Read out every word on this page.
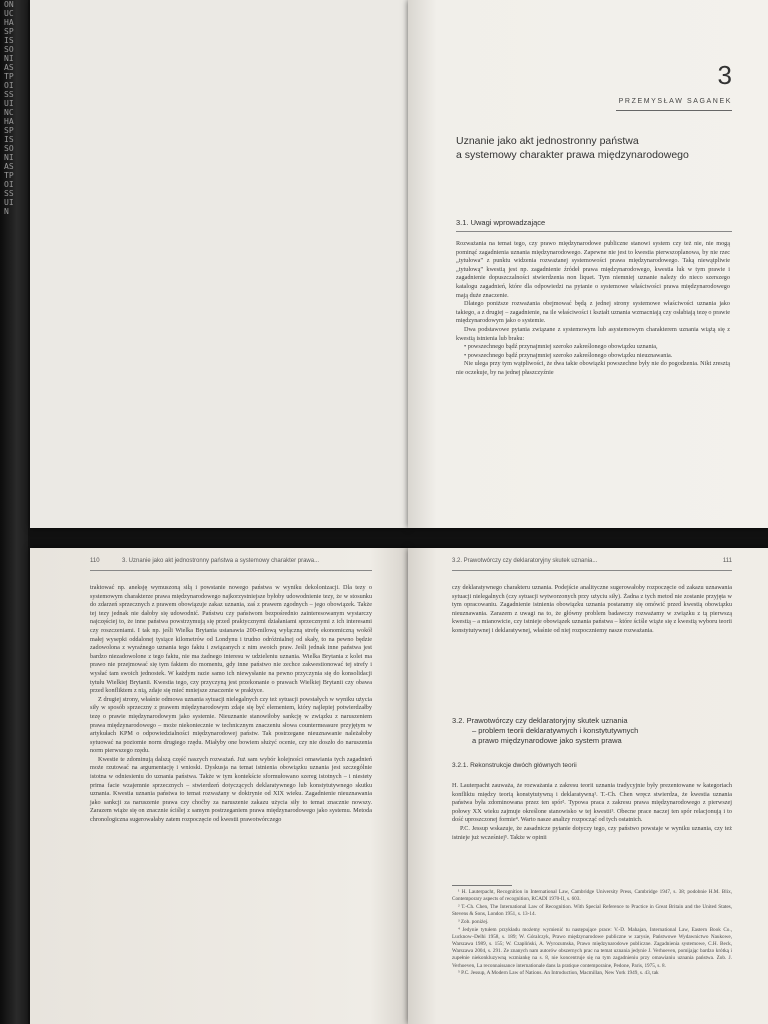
ONUCHASPISSONIASTPOISSUINCHASPISSONIASTPOISSUIN
3
PRZEMYSŁAW SAGANEK
Uznanie jako akt jednostronny państwa
a systemowy charakter prawa międzynarodowego
3.1. Uwagi wprowadzające

Rozważania na temat tego, czy prawo międzynarodowe publiczne stanowi system czy też nie, nie mogą pominąć zagadnienia uznania międzynarodowego. Zapewne nie jest to kwestia pierwszoplanowa, by nie rzec „tytułowa” z punktu widzenia rozważanej systemowości prawa międzynarodowego. Taką niewątpliwie „tytułową” kwestią jest np. zagadnienie źródeł prawa międzynarodowego, kwestia luk w tym prawie i zagadnienie dopuszczalności stwierdzenia non liquet. Tym niemniej uznanie należy do nieco szerszego katalogu zagadnień, które dla odpowiedzi na pytanie o systemowe właściwości prawa międzynarodowego mają duże znaczenie.

Dlatego poniższe rozważania obejmować będą z jednej strony systemowe właściwości uznania jako takiego, a z drugiej – zagadnienie, na ile właściwości i kształt uznania wzmacniają czy osłabiają tezę o prawie międzynarodowym jako o systemie.

Dwa podstawowe pytania związane z systemowym lub asystemowym charakterem uznania wiążą się z kwestią istnienia lub braku:

• powszechnego bądź przynajmniej szeroko zakreślonego obowiązku uznania,

• powszechnego bądź przynajmniej szeroko zakreślonego obowiązku nieuznawania.

Nie ulega przy tym wątpliwości, że dwa takie obowiązki powszechne były nie do pogodzenia. Nikt zresztą nie oczekuje, by na jednej płaszczyźnie

110	3. Uznanie jako akt jednostronny państwa a systemowy charakter prawa...

traktować np. aneksję wymuszoną siłą i powstanie nowego państwa w wyniku dekolonizacji. Dla tezy o systemowym charakterze prawa międzynarodowego najkorzystniejsze byłoby udowodnienie tezy, że w stosunku do zdarzeń sprzecznych z prawem obowiązuje zakaz uznania, zaś z prawem zgodnych – jego obowiązek. Także tej tezy jednak nie dałoby się udowodnić. Państwu czy państwom bezpośrednio zainteresowanym wystarczy najczęściej to, że inne państwa powstrzymują się przed praktycznymi działaniami sprzecznymi z ich interesami czy roszczeniami. I tak np. jeśli Wielka Brytania ustanawia 200-milową wyłączną strefę ekonomiczną wokół małej wysepki oddalonej tysiące kilometrów od Londynu i trudno odróżnialnej od skały, to na pewno będzie zadowolona z wyraźnego uznania tego faktu i związanych z nim swoich praw. Jeśli jednak inne państwa jest bardzo niezadowolone z tego faktu, nie ma żadnego interesu w udzieleniu uznania. Wielka Brytania z kolei ma prawo nie przejmować się tym faktem do momentu, gdy inne państwo nie zechce zakwestionować tej strefy i wysłać tam swoich jednostek. W każdym razie samo ich niewysłanie na pewno przyczynia się do konsolidacji tytułu Wielkiej Brytanii. Kwestia tego, czy przyczyną jest przekonanie o prawach Wielkiej Brytanii czy obawa przed konfliktem z nią, zdaje się mieć mniejsze znaczenie w praktyce.

Z drugiej strony, właśnie odmowa uznania sytuacji nielegalnych czy też sytuacji powstałych w wyniku użycia siły w sposób sprzeczny z prawem międzynarodowym zdaje się być elementem, który najlepiej potwierdzałby tezę o prawie międzynarodowym jako systemie. Nieuznanie stanowiłoby sankcję w związku z naruszeniem prawa międzynarodowego – może niekoniecznie w technicznym znaczeniu słowa countermeasure przyjętym w artykułach KPM o odpowiedzialności międzynarodowej państw. Tak postrzegane nieuznawanie należałoby sytuować na poziomie norm drugiego rzędu. Miałyby one bowiem służyć ocenie, czy nie doszło do naruszenia norm pierwszego rzędu.

Kwestie te zdominują dalszą część naszych rozważań. Już sam wybór kolejności omawiania tych zagadnień może rzutować na argumentację i wnioski. Dyskusja na temat istnienia obowiązku uznania jest szczególnie istotna w odniesieniu do uznania państwa. Także w tym kontekście sformułowano szereg istotnych – i niestety prima facie wzajemnie sprzecznych – stwierdzeń dotyczących deklaratywnego lub konstytutywnego skutku uznania. Kwestia uznania państwa to temat rozważany w doktrynie od XIX wieku. Zagadnienie nieuznawania jako sankcji za naruszenie prawa czy choćby za naruszenie zakazu użycia siły to temat znacznie nowszy. Zarazem wiąże się on znacznie ściślej z samym postrzeganiem prawa międzynarodowego jako systemu. Metoda chronologiczna sugerowałaby zatem rozpoczęcie od kwestii prawotwórczego

3.2. Prawotwórczy czy deklaratoryjny skutek uznania...	111

czy deklaratywnego charakteru uznania. Podejście analityczne sugerowałoby rozpoczęcie od zakazu uznawania sytuacji nielegalnych (czy sytuacji wytworzonych przy użyciu siły). Żadna z tych metod nie zostanie przyjęta w tym opracowaniu. Zagadnienie istnienia obowiązku uznania postaramy się omówić przed kwestią obowiązku nieuznawania. Zarazem z uwagi na to, że główny problem badawczy rozważamy w związku z tą pierwszą kwestią – a mianowicie, czy istnieje obowiązek uznania państwa – które ściśle wiąże się z kwestią wyboru teorii konstytutywnej i deklaratywnej, właśnie od niej rozpoczniemy nasze rozważania.

3.2. Prawotwórczy czy deklaratoryjny skutek uznania
– problem teorii deklaratywnych i konstytutywnych
a prawo międzynarodowe jako system prawa
3.2.1. Rekonstrukcje dwóch głównych teorii

H. Lauterpacht zauważa, że rozważania z zakresu teorii uznania tradycyjnie były prezentowane w kategoriach konfliktu między teorią konstytutywną i deklaratywną¹. T.-Ch. Chen wręcz stwierdza, że kwestia uznania państwa była zdominowana przez ten spór². Typowa praca z zakresu prawa międzynarodowego z pierwszej połowy XX wieku zajmuje określone stanowisko w tej kwestii³. Obecne prace naczej ten spór relacjonują i to dość uproszczonej formie⁴. Warto nasze analizy rozpocząć od tych ostatnich.

P.C. Jessup wskazuje, że zasadnicze pytanie dotyczy tego, czy państwo powstaje w wyniku uznania, czy też istnieje już wcześniej⁵. Także w opinii

¹ H. Lauterpacht, Recognition in International Law, Cambridge University Press, Cambridge 1947, s. 38; podobnie H.M. Blix, Contemporary aspects of recognition, RCADI 1970-II, s. 603.

² T.-Ch. Chen, The International Law of Recognition. With Special Reference to Practice in Great Britain and the United States, Stevens & Sons, London 1951, s. 13-14.

³ Zob. poniżej.

⁴ Jedynie tytułem przykładu możemy wymienić tu następujące prace: V.-D. Mahajan, International Law, Eastern Book Co., Lucknow–Delhi 1958, s. 189; W. Góralczyk, Prawo międzynarodowe publiczne w zarysie, Państwowe Wydawnictwo Naukowe, Warszawa 1989, s. 155; W. Czapliński, A. Wyrozumska, Prawo międzynarodowe publiczne. Zagadnienia systemowe, C.H. Beck, Warszawa 2004, s. 291. Ze znanych nam autorów obszernych prac na temat uznania jedynie J. Verhoeven, pomijając bardzo krótką i zupełnie niekonkluzywną wzmiankę na s. 8, nie koncentruje się na tym zagadnieniu przy omawianiu uznania państwa. Zob. J. Verhoeven, La reconnaissance internationale dans la pratique contemporaine, Pedone, Paris, 1975, s. 8.

⁵ P.C. Jessup, A Modern Law of Nations. An Introduction, Macmillan, New York 1949, s. 43, tak
